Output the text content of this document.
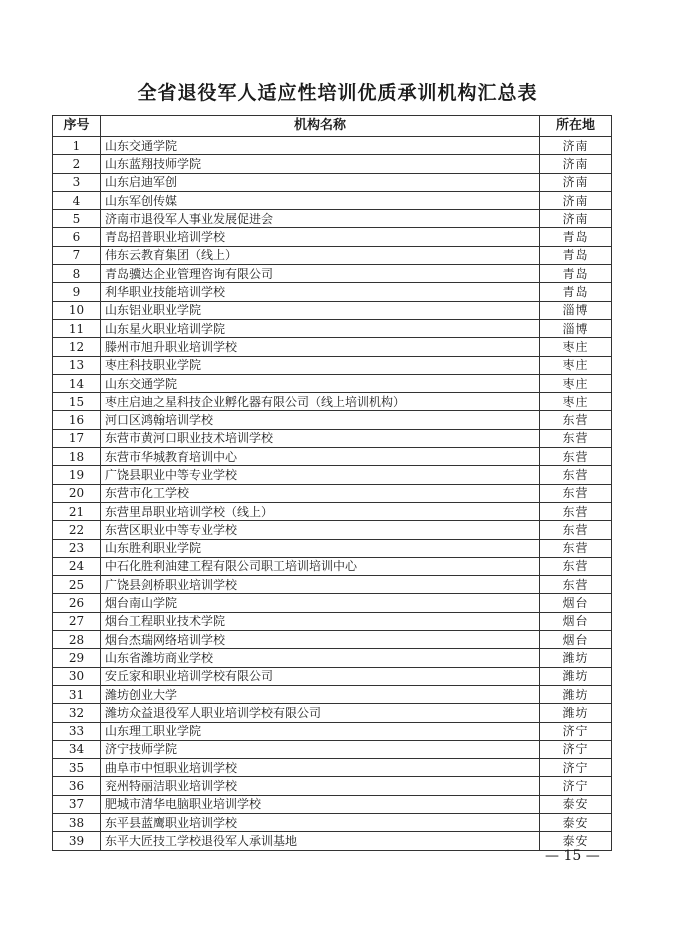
全省退役军人适应性培训优质承训机构汇总表
序号	机构名称	所在地
1	山东交通学院	济南
2	山东蓝翔技师学院	济南
3	山东启迪军创	济南
4	山东军创传媒	济南
5	济南市退役军人事业发展促进会	济南
6	青岛招普职业培训学校	青岛
7	伟东云教育集团（线上）	青岛
8	青岛骥达企业管理咨询有限公司	青岛
9	利华职业技能培训学校	青岛
10	山东铝业职业学院	淄博
11	山东星火职业培训学院	淄博
12	滕州市旭升职业培训学校	枣庄
13	枣庄科技职业学院	枣庄
14	山东交通学院	枣庄
15	枣庄启迪之星科技企业孵化器有限公司（线上培训机构）	枣庄
16	河口区鸿翰培训学校	东营
17	东营市黄河口职业技术培训学校	东营
18	东营市华城教育培训中心	东营
19	广饶县职业中等专业学校	东营
20	东营市化工学校	东营
21	东营里昂职业培训学校（线上）	东营
22	东营区职业中等专业学校	东营
23	山东胜利职业学院	东营
24	中石化胜利油建工程有限公司职工培训培训中心	东营
25	广饶县剑桥职业培训学校	东营
26	烟台南山学院	烟台
27	烟台工程职业技术学院	烟台
28	烟台杰瑞网络培训学校	烟台
29	山东省潍坊商业学校	潍坊
30	安丘家和职业培训学校有限公司	潍坊
31	潍坊创业大学	潍坊
32	潍坊众益退役军人职业培训学校有限公司	潍坊
33	山东理工职业学院	济宁
34	济宁技师学院	济宁
35	曲阜市中恒职业培训学校	济宁
36	兖州特丽洁职业培训学校	济宁
37	肥城市清华电脑职业培训学校	泰安
38	东平县蓝鹰职业培训学校	泰安
39	东平大匠技工学校退役军人承训基地	泰安
— 15 —
